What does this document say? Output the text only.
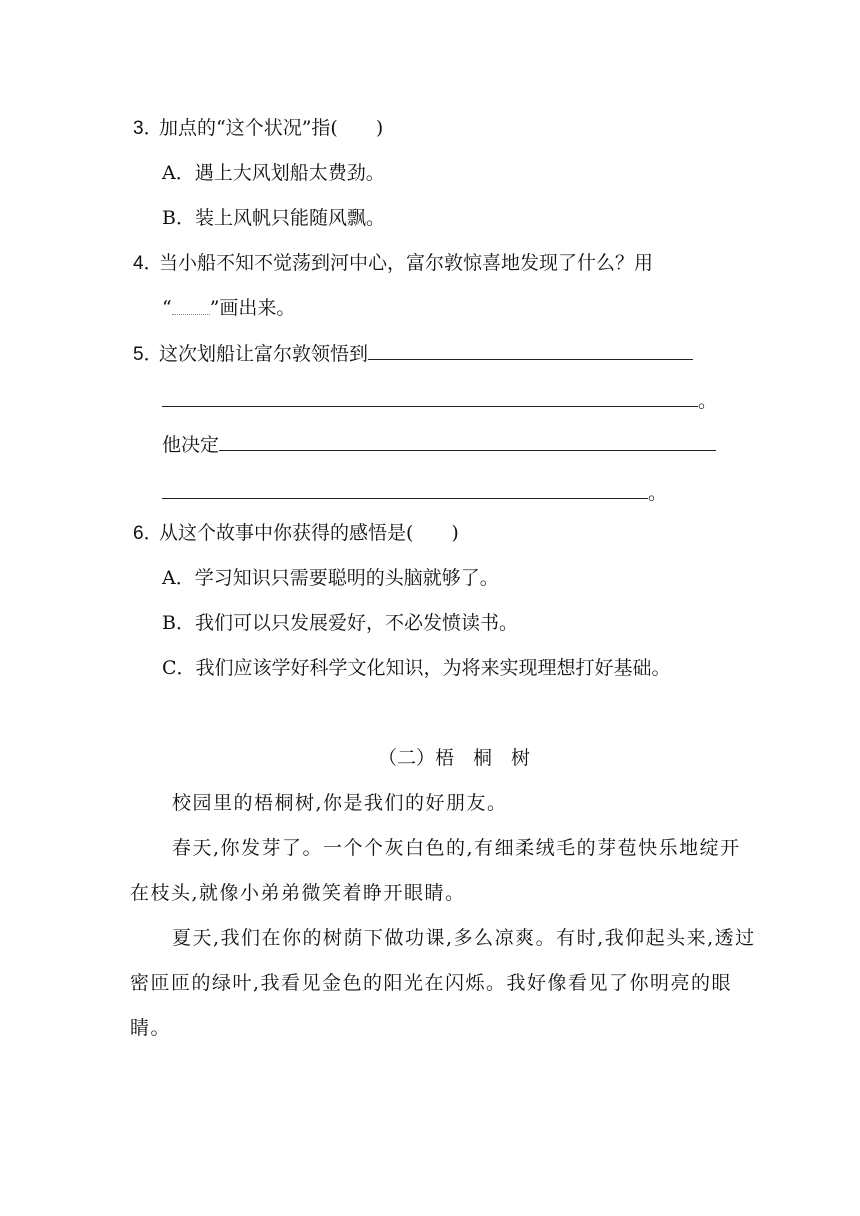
3．加点的“这个状况”指(　　)
A．遇上大风划船太费劲。
B．装上风帆只能随风飘。
4．当小船不知不觉荡到河中心，富尔敦惊喜地发现了什么？用
“ ”画出来。
5．这次划船让富尔敦领悟到
。
他决定
。
6．从这个故事中你获得的感悟是(　　)
A．学习知识只需要聪明的头脑就够了。
B．我们可以只发展爱好，不必发愤读书。
C．我们应该学好科学文化知识，为将来实现理想打好基础。
（二）梧　桐　树
校园里的梧桐树,你是我们的好朋友。
春天,你发芽了。一个个灰白色的,有细柔绒毛的芽苞快乐地绽开
在枝头,就像小弟弟微笑着睁开眼睛。
夏天,我们在你的树荫下做功课,多么凉爽。有时,我仰起头来,透过
密匝匝的绿叶,我看见金色的阳光在闪烁。我好像看见了你明亮的眼
睛。
